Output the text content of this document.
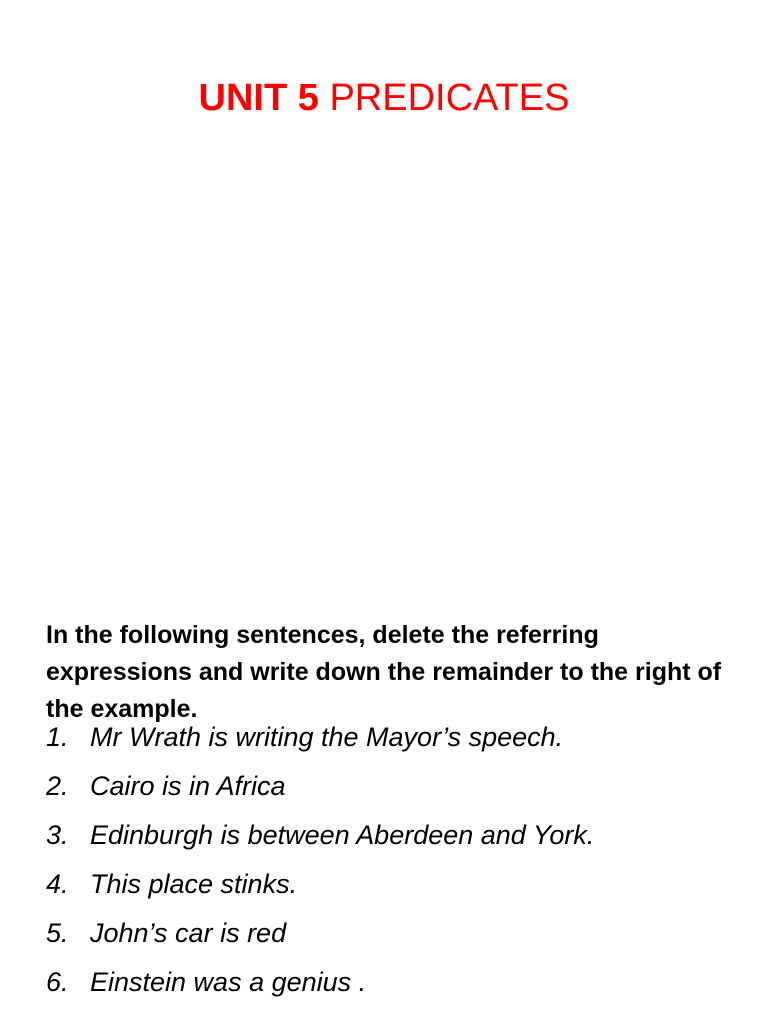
UNIT 5 PREDICATES

In the following sentences, delete the referring expressions and write down the remainder to the right of the example.

1. Mr Wrath is writing the Mayor’s speech.
2. Cairo is in Africa
3. Edinburgh is between Aberdeen and York.
4. This place stinks.
5. John’s car is red
6. Einstein was a genius .
